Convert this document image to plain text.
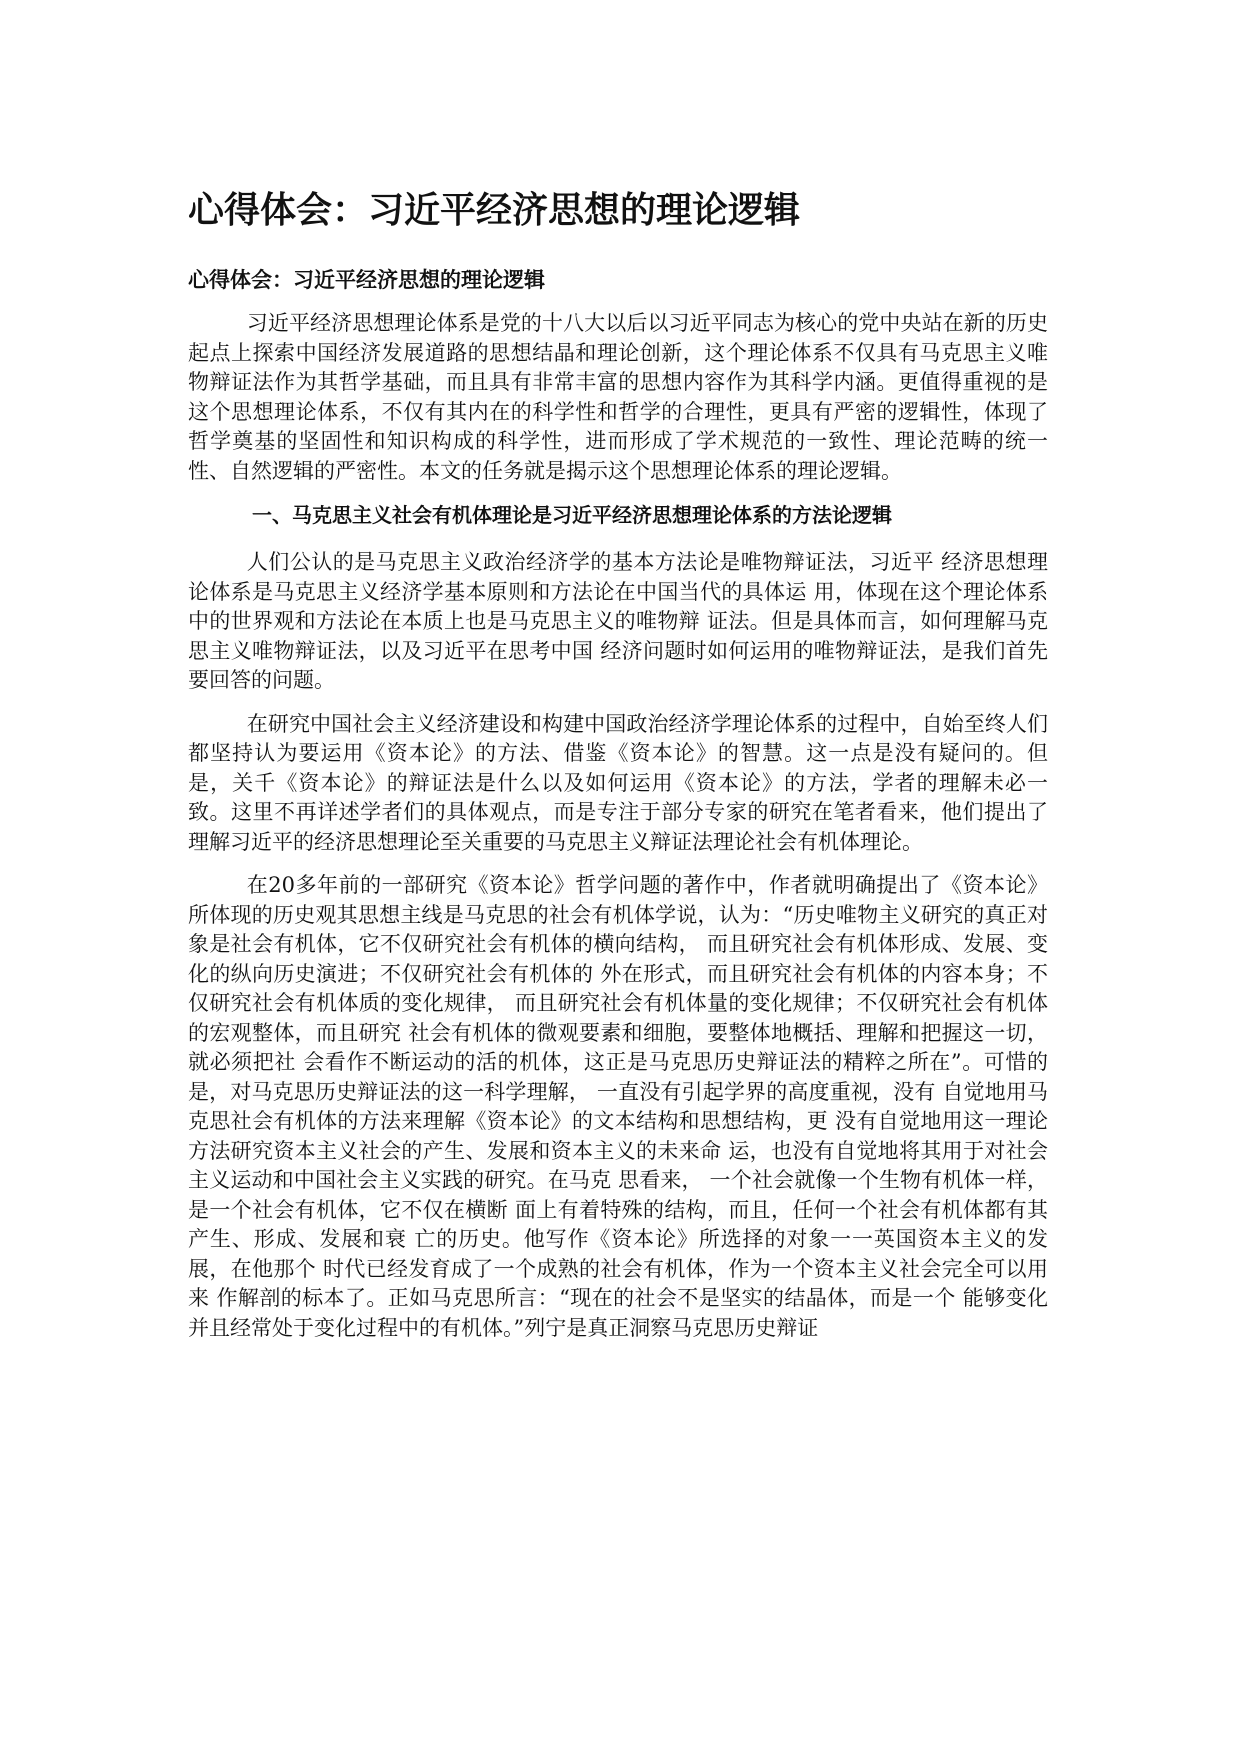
心得体会：习近平经济思想的理论逻辑
心得体会：习近平经济思想的理论逻辑

习近平经济思想理论体系是党的十八大以后以习近平同志为核心的党中央站在新的历史起点上探索中国经济发展道路的思想结晶和理论创新，这个理论体系不仅具有马克思主义唯物辩证法作为其哲学基础，而且具有非常丰富的思想内容作为其科学内涵。更值得重视的是这个思想理论体系，不仅有其内在的科学性和哲学的合理性，更具有严密的逻辑性，体现了哲学奠基的坚固性和知识构成的科学性，进而形成了学术规范的一致性、理论范畴的统一性、自然逻辑的严密性。本文的任务就是揭示这个思想理论体系的理论逻辑。

一、马克思主义社会有机体理论是习近平经济思想理论体系的方法论逻辑

人们公认的是马克思主义政治经济学的基本方法论是唯物辩证法，习近平 经济思想理论体系是马克思主义经济学基本原则和方法论在中国当代的具体运 用，体现在这个理论体系中的世界观和方法论在本质上也是马克思主义的唯物辩 证法。但是具体而言，如何理解马克思主义唯物辩证法，以及习近平在思考中国 经济问题时如何运用的唯物辩证法，是我们首先要回答的问题。

在研究中国社会主义经济建设和构建中国政治经济学理论体系的过程中，自始至终人们都坚持认为要运用《资本论》的方法、借鉴《资本论》的智慧。这一点是没有疑问的。但是，关千《资本论》的辩证法是什么以及如何运用《资本论》的方法，学者的理解未必一致。这里不再详述学者们的具体观点，而是专注于部分专家的研究在笔者看来，他们提出了理解习近平的经济思想理论至关重要的马克思主义辩证法理论社会有机体理论。

在20多年前的一部研究《资本论》哲学问题的著作中，作者就明确提出了《资本论》所体现的历史观其思想主线是马克思的社会有机体学说，认为：“历史唯物主义研究的真正对象是社会有机体，它不仅研究社会有机体的横向结构， 而且研究社会有机体形成、发展、变化的纵向历史演进；不仅研究社会有机体的 外在形式，而且研究社会有机体的内容本身；不仅研究社会有机体质的变化规律， 而且研究社会有机体量的变化规律；不仅研究社会有机体的宏观整体，而且研究 社会有机体的微观要素和细胞，要整体地概括、理解和把握这一切，就必须把社 会看作不断运动的活的机体，这正是马克思历史辩证法的精粹之所在”。可惜的 是，对马克思历史辩证法的这一科学理解， 一直没有引起学界的高度重视，没有 自觉地用马克思社会有机体的方法来理解《资本论》的文本结构和思想结构，更 没有自觉地用这一理论方法研究资本主义社会的产生、发展和资本主义的未来命 运，也没有自觉地将其用于对社会主义运动和中国社会主义实践的研究。在马克 思看来， 一个社会就像一个生物有机体一样，是一个社会有机体，它不仅在横断 面上有着特殊的结构，而且，任何一个社会有机体都有其产生、形成、发展和衰 亡的历史。他写作《资本论》所选择的对象一一英国资本主义的发展，在他那个 时代已经发育成了一个成熟的社会有机体，作为一个资本主义社会完全可以用来 作解剖的标本了。正如马克思所言：“现在的社会不是坚实的结晶体，而是一个 能够变化并且经常处于变化过程中的有机体。”列宁是真正洞察马克思历史辩证
